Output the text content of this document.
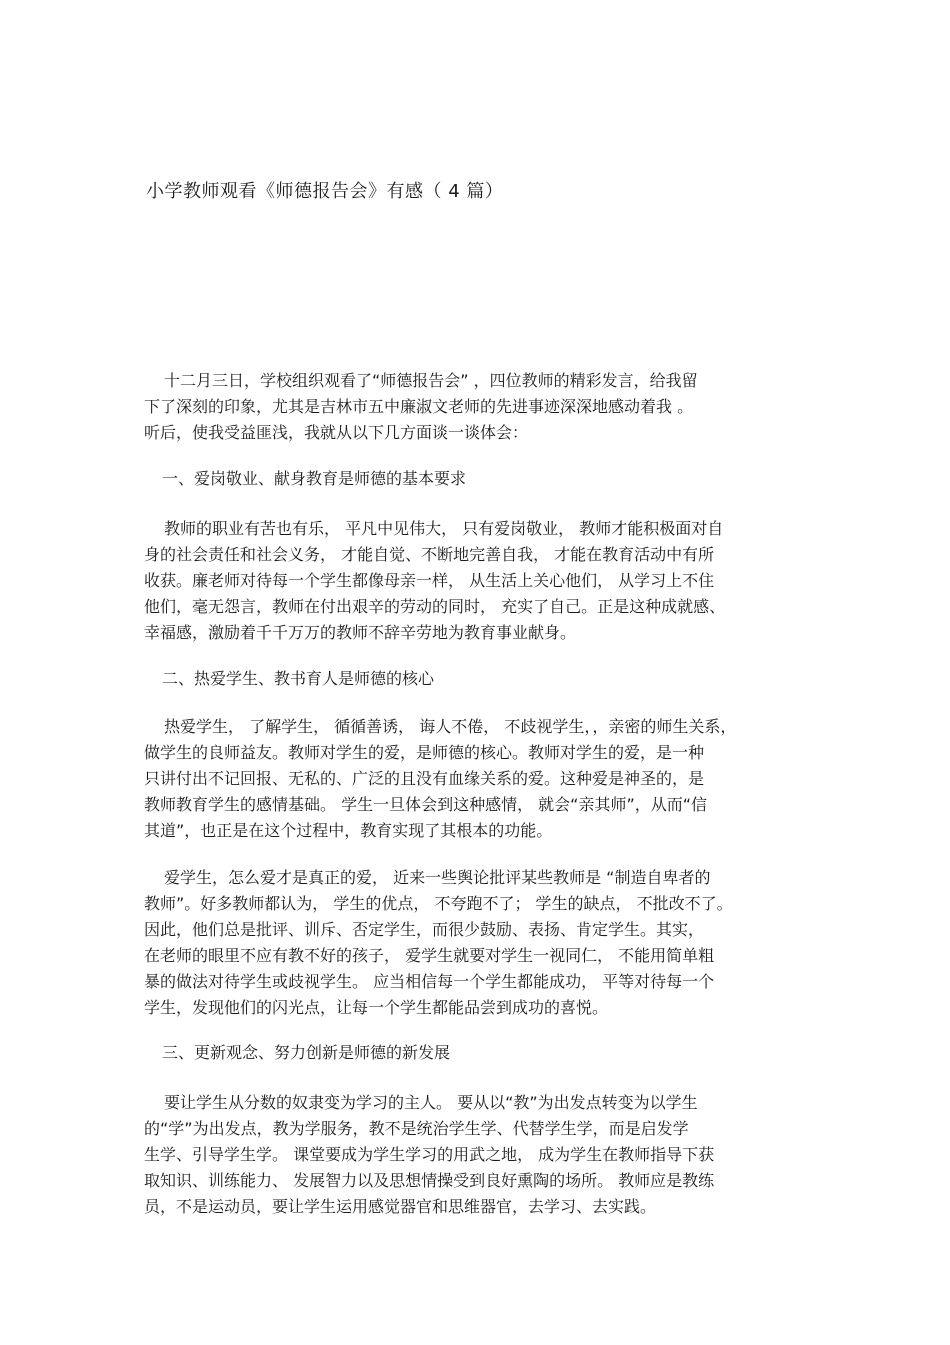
小学教师观看《师德报告会》有感（ 4 篇）
十二月三日，学校组织观看了“师德报告会” ，四位教师的精彩发言，给我留
下了深刻的印象，尤其是吉林市五中廉淑文老师的先进事迹深深地感动着我 。
听后，使我受益匪浅，我就从以下几方面谈一谈体会：
一、爱岗敬业、献身教育是师德的基本要求
教师的职业有苦也有乐， 平凡中见伟大， 只有爱岗敬业， 教师才能积极面对自
身的社会责任和社会义务， 才能自觉、不断地完善自我， 才能在教育活动中有所
收获。廉老师对待每一个学生都像母亲一样， 从生活上关心他们， 从学习上不住
他们，毫无怨言，教师在付出艰辛的劳动的同时， 充实了自己。正是这种成就感、
幸福感，激励着千千万万的教师不辞辛劳地为教育事业献身。
二、热爱学生、教书育人是师德的核心
热爱学生， 了解学生， 循循善诱， 诲人不倦， 不歧视学生，，亲密的师生关系，
做学生的良师益友。教师对学生的爱，是师德的核心。教师对学生的爱，是一种
只讲付出不记回报、无私的、广泛的且没有血缘关系的爱。这种爱是神圣的，是
教师教育学生的感情基础。 学生一旦体会到这种感情， 就会“亲其师”，从而“信
其道”，也正是在这个过程中，教育实现了其根本的功能。
爱学生，怎么爱才是真正的爱， 近来一些舆论批评某些教师是 “制造自卑者的
教师”。好多教师都认为， 学生的优点， 不夸跑不了； 学生的缺点， 不批改不了。
因此，他们总是批评、训斥、否定学生，而很少鼓励、表扬、肯定学生。其实，
在老师的眼里不应有教不好的孩子， 爱学生就要对学生一视同仁， 不能用简单粗
暴的做法对待学生或歧视学生。 应当相信每一个学生都能成功， 平等对待每一个
学生，发现他们的闪光点，让每一个学生都能品尝到成功的喜悦。
三、更新观念、努力创新是师德的新发展
要让学生从分数的奴隶变为学习的主人。 要从以“教”为出发点转变为以学生
的“学”为出发点，教为学服务，教不是统治学生学、代替学生学，而是启发学
生学、引导学生学。 课堂要成为学生学习的用武之地， 成为学生在教师指导下获
取知识、训练能力、 发展智力以及思想情操受到良好熏陶的场所。 教师应是教练
员，不是运动员，要让学生运用感觉器官和思维器官，去学习、去实践。
